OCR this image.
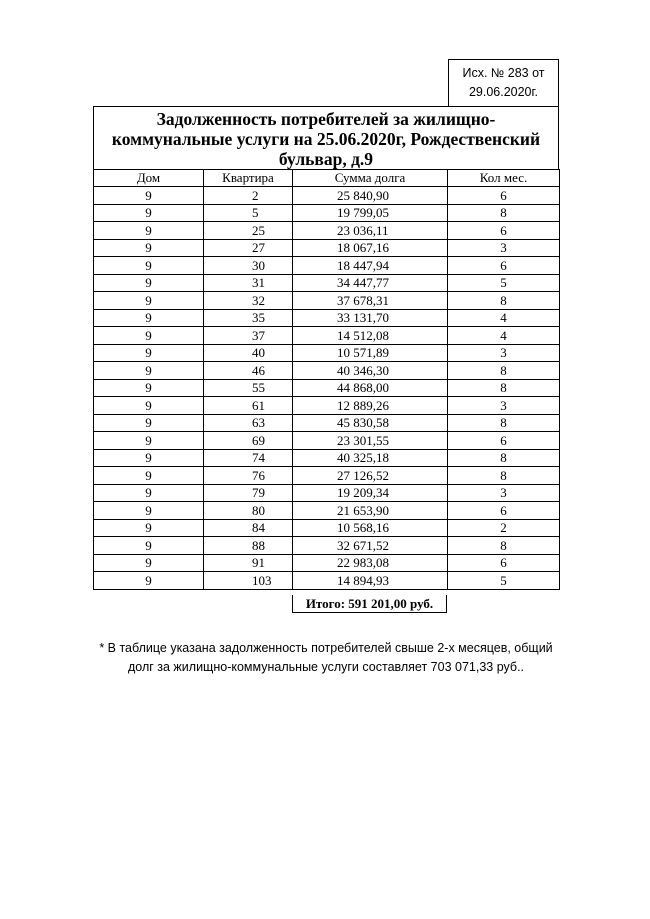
Исх. № 283 от
29.06.2020г.
Задолженность потребителей за жилищно-
коммунальные услуги на 25.06.2020г, Рождественский
бульвар, д.9
Дом	Квартира	Сумма долга	Кол мес.
9	2	25 840,90	6
9	5	19 799,05	8
9	25	23 036,11	6
9	27	18 067,16	3
9	30	18 447,94	6
9	31	34 447,77	5
9	32	37 678,31	8
9	35	33 131,70	4
9	37	14 512,08	4
9	40	10 571,89	3
9	46	40 346,30	8
9	55	44 868,00	8
9	61	12 889,26	3
9	63	45 830,58	8
9	69	23 301,55	6
9	74	40 325,18	8
9	76	27 126,52	8
9	79	19 209,34	3
9	80	21 653,90	6
9	84	10 568,16	2
9	88	32 671,52	8
9	91	22 983,08	6
9	103	14 894,93	5
Итого: 591 201,00 руб.
* В таблице указана задолженность потребителей свыше 2-х месяцев, общий
долг за жилищно-коммунальные услуги составляет 703 071,33 руб..
